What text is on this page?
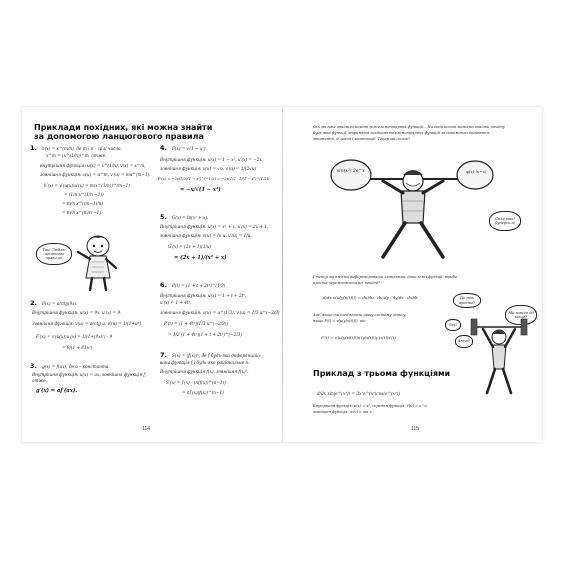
Приклади похідних, які можна знайти
за допомогою ланцюгового правила
1. h(x) = x^(m/n), де m і n – цілі числа.
x^m = (x^(1/n))^m, отже,
внутрішня функція: u(x) = x^(1/n), v(x) = x^m,
зовнішня функція: v(u) = u^m, v′(u) = mu^(m−1).
h′(x) = v′(u(x))u′(x) = m(x^(1/n))^(m−1)
= (1/n x^(1/n −1))
= m/n x^((m−1)/n)
= m/n x^(m/n −1)
Так! Люблю ланцюгове правило!
2. F(x) = arctg(9x).
Внутрішня функція: u(x) = 9x, u′(x) = 9.
Зовнішня функція: v(u) = arctg u, v′(u) = 1/(1+u²)
F′(x) = v′(u(x))u′(x) = 1/(1+(9x)²) · 9
= 9/(1 + 81x²)
3. g(x) = f(ax), де a – константа.
Внутрішня функція: u(x) = ax, зовнішня функція f,
отже,
g′(x) = af′(ax).
4. F(x) = √(1 − x²)
Внутрішня функція: u(x) = 1 − x², u′(x) = −2x,
зовнішня функція: v(u) = √u, v′(u) = 1/(2√u)
F′(x) = −2x(1/2)(1 − x²)^(−1/2) = −2x(1/2 · 1/(1 − x²)^(1/2))
= −x/√(1 − x²)
5. G(x) = ln(x² + x).
Внутрішня функція: u(x) = x² + x, u′(x) = 2x + 1,
зовнішня функція: v(u) = ln u, v′(u) = 1/u.
G′(x) = (2x + 1)(1/u)
= (2x + 1)/(x² + x)
6. P(t) = (1 + t + 2t²)^(1/3)
Внутрішня функція: u(x) = 1 + t + 2t²,
u′(x) = 1 + 4t²,
зовнішня функція: v(u) = u^(1/3), v′(u) = 1/3 u^(−2/3)
P′(t) = (1 + 4t²)(1/3 u^(−2/3))
= 1/3 (1 + 4t²)(1 + t + 2t²)^(−2/3)
7. S(x) = (f(x))ⁿ, де f будь-яка диференційо-
вана функція f і будь-яке раціональне n.
Внутрішня функція f(x), зовнішня f(x)ⁿ.
S′(x) = f′(x) · (n(f(x))^(n−1))
= nf′(x)(f(x))^(n−1)
114
Ось ми вже знайшли похідні всіх елементарних функцій... На їхній основі можемо знайти похідну
будь-якої функції, отриманої поєднанням елементарних функцій за допомогою додавання,
множення, ділення і композиції. Тепер ми сильні!
sin(x²) 2e^x	φ(x) (x−x)
Сила так! Суперсилі!
І тепер ми вміємо диференціювати ланцюжки, доки зі всі функції: треба
просто перемножити всі похідні?
d/dx v(u(y(x(t)))) = dv/du · du/dy · dy/dx · dx/dt
Ага, якщо ти пам’ятаєш нашу систему запису:
якщо F(t) = v(u(y(x(t)))), то
F′(t) = v′(u(y(x(t))))u′(y(x(t)))y′(x(t))x′(t)
Це так просто?
Ми зовсім до кінця?
Так!
Ані-ні!
Приклад з трьома функціями
d/dx sin(e^(x³)) = 3x²e^(x³)cos(e^(x³))
Внутрішня функція: u(x) = x³, середня функція: v(u) = e^u,
зовнішня функція: w(v) = sin v.
115
